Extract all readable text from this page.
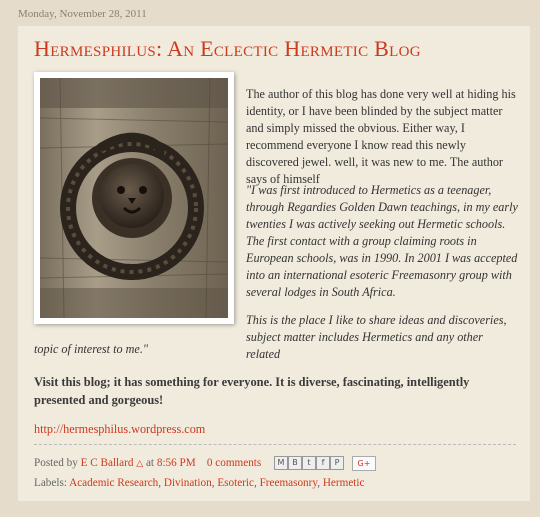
Monday, November 28, 2011
Hermesphilus: An Eclectic Hermetic Blog
The author of this blog has done very well at hiding his identity, or I have been blinded by the subject matter and simply missed the obvious. Either way, I recommend everyone I know read this newly discovered jewel. well, it was new to me. The author says of himself
"I was first introduced to Hermetics as a teenager, through Regardies Golden Dawn teachings, in my early twenties I was actively seeking out Hermetic schools. The first contact with a group claiming roots in European schools, was in 1990. In 2001 I was accepted into an international esoteric Freemasonry group with several lodges in South Africa.
This is the place I like to share ideas and discoveries, subject matter includes Hermetics and any other related
topic of interest to me."
Visit this blog; it has something for everyone. It is diverse, fascinating, intelligently presented and gorgeous!
http://hermesphilus.wordpress.com
Posted by E C Ballard △ at 8:56 PM 0 comments	M B	t	f	P	G+
Labels: Academic Research, Divination, Esoteric, Freemasonry, Hermetic
